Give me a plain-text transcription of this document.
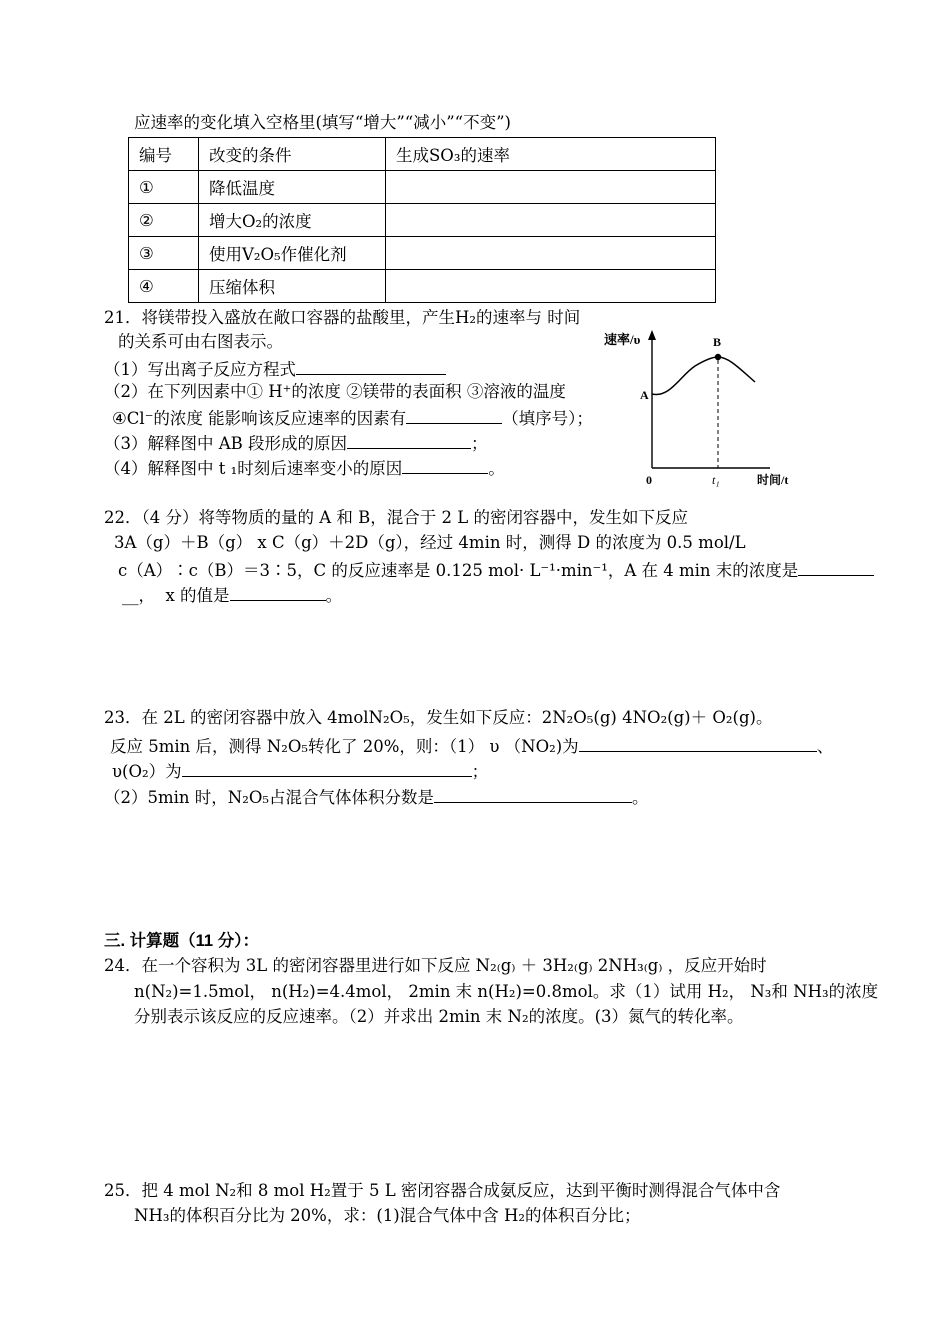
应速率的变化填入空格里(填写“增大”“减小”“不变”)
编号	改变的条件	生成SO₃的速率
①	降低温度	
②	增大O₂的浓度	
③	使用V₂O₅作催化剂	
④	压缩体积	
21．将镁带投入盛放在敞口容器的盐酸里，产生H₂的速率与 时间
的关系可由右图表示。
（1）写出离子反应方程式
（2）在下列因素中① H⁺的浓度 ②镁带的表面积 ③溶液的温度
④Cl⁻的浓度 能影响该反应速率的因素有	（填序号）；
（3）解释图中 AB 段形成的原因	；
（4）解释图中 t ₁时刻后速率变小的原因	。
速率/υ
A
B
0	t₁	时间/t
22．（4 分）将等物质的量的 A 和 B，混合于 2 L 的密闭容器中，发生如下反应
3A（g）＋B（g） x C（g）＋2D（g），经过 4min 时，测得 D 的浓度为 0.5 mol/L
c（A）∶c（B）＝3∶5，C 的反应速率是 0.125 mol· L⁻¹·min⁻¹，A 在 4 min 末的浓度是
__， x 的值是	。
23．在 2L 的密闭容器中放入 4molN₂O₅，发生如下反应：2N₂O₅(g) 4NO₂(g)＋ O₂(g)。
反应 5min 后，测得 N₂O₅转化了 20%，则：（1） υ （NO₂)为	、
υ(O₂）为	；
（2）5min 时，N₂O₅占混合气体体积分数是	。
三. 计算题（11 分）：
24．在一个容积为 3L 的密闭容器里进行如下反应 N₂₍g₎ ＋ 3H₂₍g₎ 2NH₃₍g₎ ，反应开始时
n(N₂)=1.5mol， n(H₂)=4.4mol， 2min 末 n(H₂)=0.8mol。求（1）试用 H₂， N₃和 NH₃的浓度
分别表示该反应的反应速率。（2）并求出 2min 末 N₂的浓度。(3）氮气的转化率。
25．把 4 mol N₂和 8 mol H₂置于 5 L 密闭容器合成氨反应，达到平衡时测得混合气体中含
NH₃的体积百分比为 20%，求：(1)混合气体中含 H₂的体积百分比；
